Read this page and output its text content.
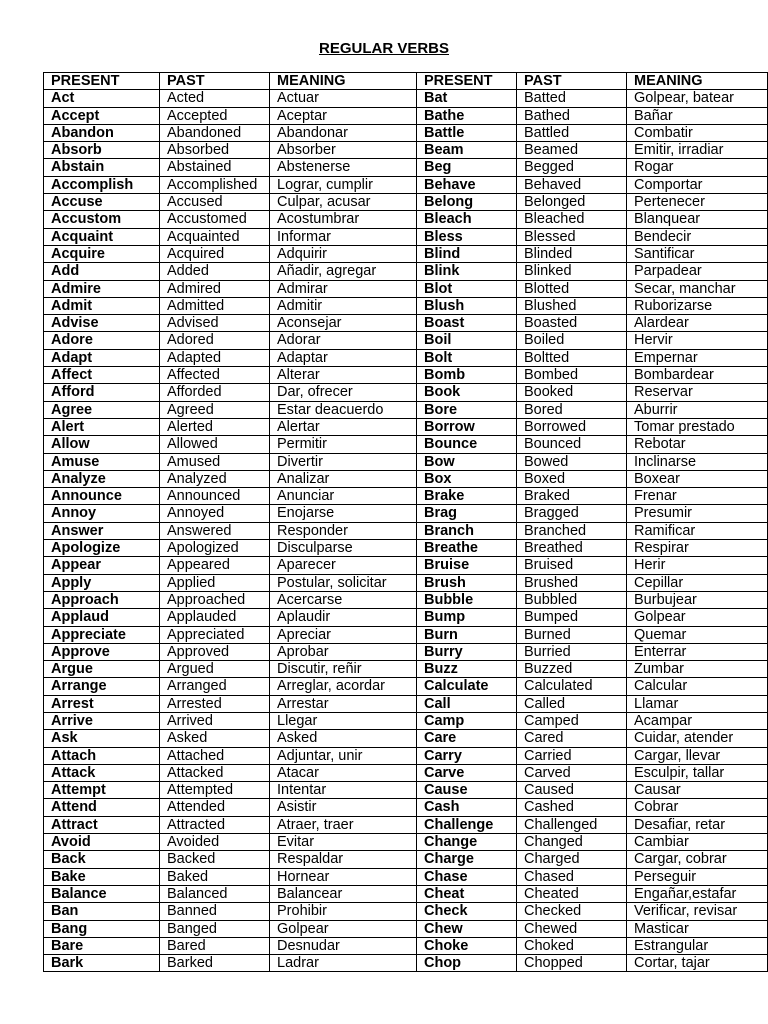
REGULAR VERBS
PRESENT	PAST	MEANING	PRESENT	PAST	MEANING
Act	Acted	Actuar	Bat	Batted	Golpear, batear
Accept	Accepted	Aceptar	Bathe	Bathed	Bañar
Abandon	Abandoned	Abandonar	Battle	Battled	Combatir
Absorb	Absorbed	Absorber	Beam	Beamed	Emitir, irradiar
Abstain	Abstained	Abstenerse	Beg	Begged	Rogar
Accomplish	Accomplished	Lograr, cumplir	Behave	Behaved	Comportar
Accuse	Accused	Culpar, acusar	Belong	Belonged	Pertenecer
Accustom	Accustomed	Acostumbrar	Bleach	Bleached	Blanquear
Acquaint	Acquainted	Informar	Bless	Blessed	Bendecir
Acquire	Acquired	Adquirir	Blind	Blinded	Santificar
Add	Added	Añadir, agregar	Blink	Blinked	Parpadear
Admire	Admired	Admirar	Blot	Blotted	Secar, manchar
Admit	Admitted	Admitir	Blush	Blushed	Ruborizarse
Advise	Advised	Aconsejar	Boast	Boasted	Alardear
Adore	Adored	Adorar	Boil	Boiled	Hervir
Adapt	Adapted	Adaptar	Bolt	Boltted	Empernar
Affect	Affected	Alterar	Bomb	Bombed	Bombardear
Afford	Afforded	Dar, ofrecer	Book	Booked	Reservar
Agree	Agreed	Estar deacuerdo	Bore	Bored	Aburrir
Alert	Alerted	Alertar	Borrow	Borrowed	Tomar prestado
Allow	Allowed	Permitir	Bounce	Bounced	Rebotar
Amuse	Amused	Divertir	Bow	Bowed	Inclinarse
Analyze	Analyzed	Analizar	Box	Boxed	Boxear
Announce	Announced	Anunciar	Brake	Braked	Frenar
Annoy	Annoyed	Enojarse	Brag	Bragged	Presumir
Answer	Answered	Responder	Branch	Branched	Ramificar
Apologize	Apologized	Disculparse	Breathe	Breathed	Respirar
Appear	Appeared	Aparecer	Bruise	Bruised	Herir
Apply	Applied	Postular, solicitar	Brush	Brushed	Cepillar
Approach	Approached	Acercarse	Bubble	Bubbled	Burbujear
Applaud	Applauded	Aplaudir	Bump	Bumped	Golpear
Appreciate	Appreciated	Apreciar	Burn	Burned	Quemar
Approve	Approved	Aprobar	Burry	Burried	Enterrar
Argue	Argued	Discutir, reñir	Buzz	Buzzed	Zumbar
Arrange	Arranged	Arreglar, acordar	Calculate	Calculated	Calcular
Arrest	Arrested	Arrestar	Call	Called	Llamar
Arrive	Arrived	Llegar	Camp	Camped	Acampar
Ask	Asked	Asked	Care	Cared	Cuidar, atender
Attach	Attached	Adjuntar, unir	Carry	Carried	Cargar, llevar
Attack	Attacked	Atacar	Carve	Carved	Esculpir, tallar
Attempt	Attempted	Intentar	Cause	Caused	Causar
Attend	Attended	Asistir	Cash	Cashed	Cobrar
Attract	Attracted	Atraer, traer	Challenge	Challenged	Desafiar, retar
Avoid	Avoided	Evitar	Change	Changed	Cambiar
Back	Backed	Respaldar	Charge	Charged	Cargar, cobrar
Bake	Baked	Hornear	Chase	Chased	Perseguir
Balance	Balanced	Balancear	Cheat	Cheated	Engañar,estafar
Ban	Banned	Prohibir	Check	Checked	Verificar, revisar
Bang	Banged	Golpear	Chew	Chewed	Masticar
Bare	Bared	Desnudar	Choke	Choked	Estrangular
Bark	Barked	Ladrar	Chop	Chopped	Cortar, tajar
